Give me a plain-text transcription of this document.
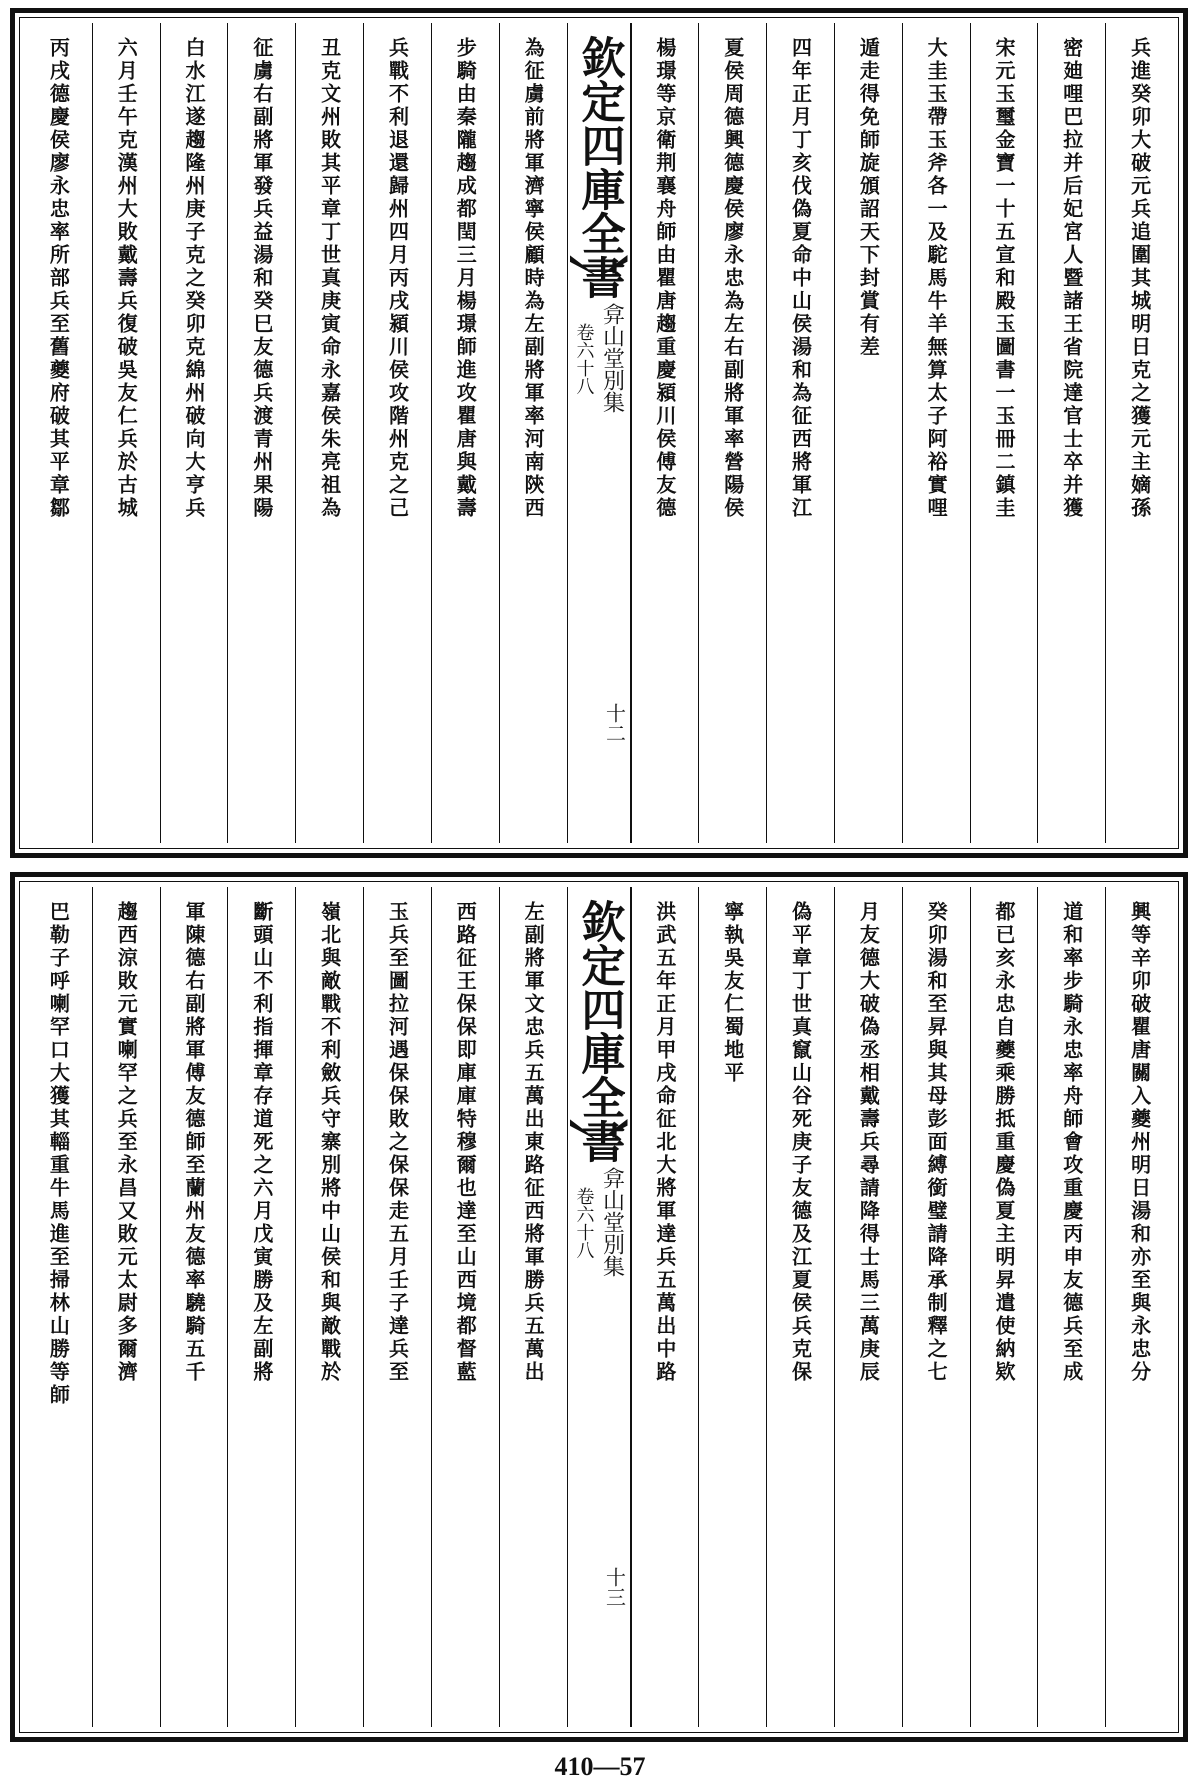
兵進癸卯大破元兵追圍其城明日克之獲元主嫡孫
密廸哩巴拉并后妃宮人暨諸王省院達官士卒并獲
宋元玉璽金寶一十五宣和殿玉圖書一玉冊二鎮圭
大圭玉帶玉斧各一及駝馬牛羊無算太子阿裕實哩
遁走得免師旋頒詔天下封賞有差
四年正月丁亥伐偽夏命中山侯湯和為征西將軍江
夏侯周德興德慶侯廖永忠為左右副將軍率營陽侯
楊璟等京衛荆襄舟師由瞿唐趨重慶潁川侯傅友德
欽定四庫全書
弇山堂別集
卷六十八
十二
為征虜前將軍濟寧侯顧時為左副將軍率河南陝西
步騎由秦隴趨成都閏三月楊璟師進攻瞿唐與戴壽
兵戰不利退還歸州四月丙戌潁川侯攻階州克之己
丑克文州敗其平章丁世真庚寅命永嘉侯朱亮祖為
征虜右副將軍發兵益湯和癸巳友德兵渡青州果陽
白水江遂趨隆州庚子克之癸卯克綿州破向大亨兵
六月壬午克漢州大敗戴壽兵復破吳友仁兵於古城
丙戌德慶侯廖永忠率所部兵至舊夔府破其平章鄒
興等辛卯破瞿唐關入夔州明日湯和亦至與永忠分
道和率步騎永忠率舟師會攻重慶丙申友德兵至成
都已亥永忠自夔乘勝抵重慶偽夏主明昇遣使納欵
癸卯湯和至昇與其母彭面縛銜璧請降承制釋之七
月友德大破偽丞相戴壽兵尋請降得士馬三萬庚辰
偽平章丁世真竄山谷死庚子友德及江夏侯兵克保
寧執吳友仁蜀地平
洪武五年正月甲戌命征北大將軍達兵五萬出中路
欽定四庫全書
弇山堂別集
卷六十八
十三
左副將軍文忠兵五萬出東路征西將軍勝兵五萬出
西路征王保保即庫庫特穆爾也達至山西境都督藍
玉兵至圖拉河遇保保敗之保保走五月壬子達兵至
嶺北與敵戰不利斂兵守寨別將中山侯和與敵戰於
斷頭山不利指揮章存道死之六月戊寅勝及左副將
軍陳德右副將軍傅友德師至蘭州友德率驍騎五千
趨西涼敗元實喇罕之兵至永昌又敗元太尉多爾濟
巴勒子呼喇罕口大獲其輜重牛馬進至掃林山勝等師
410—57
